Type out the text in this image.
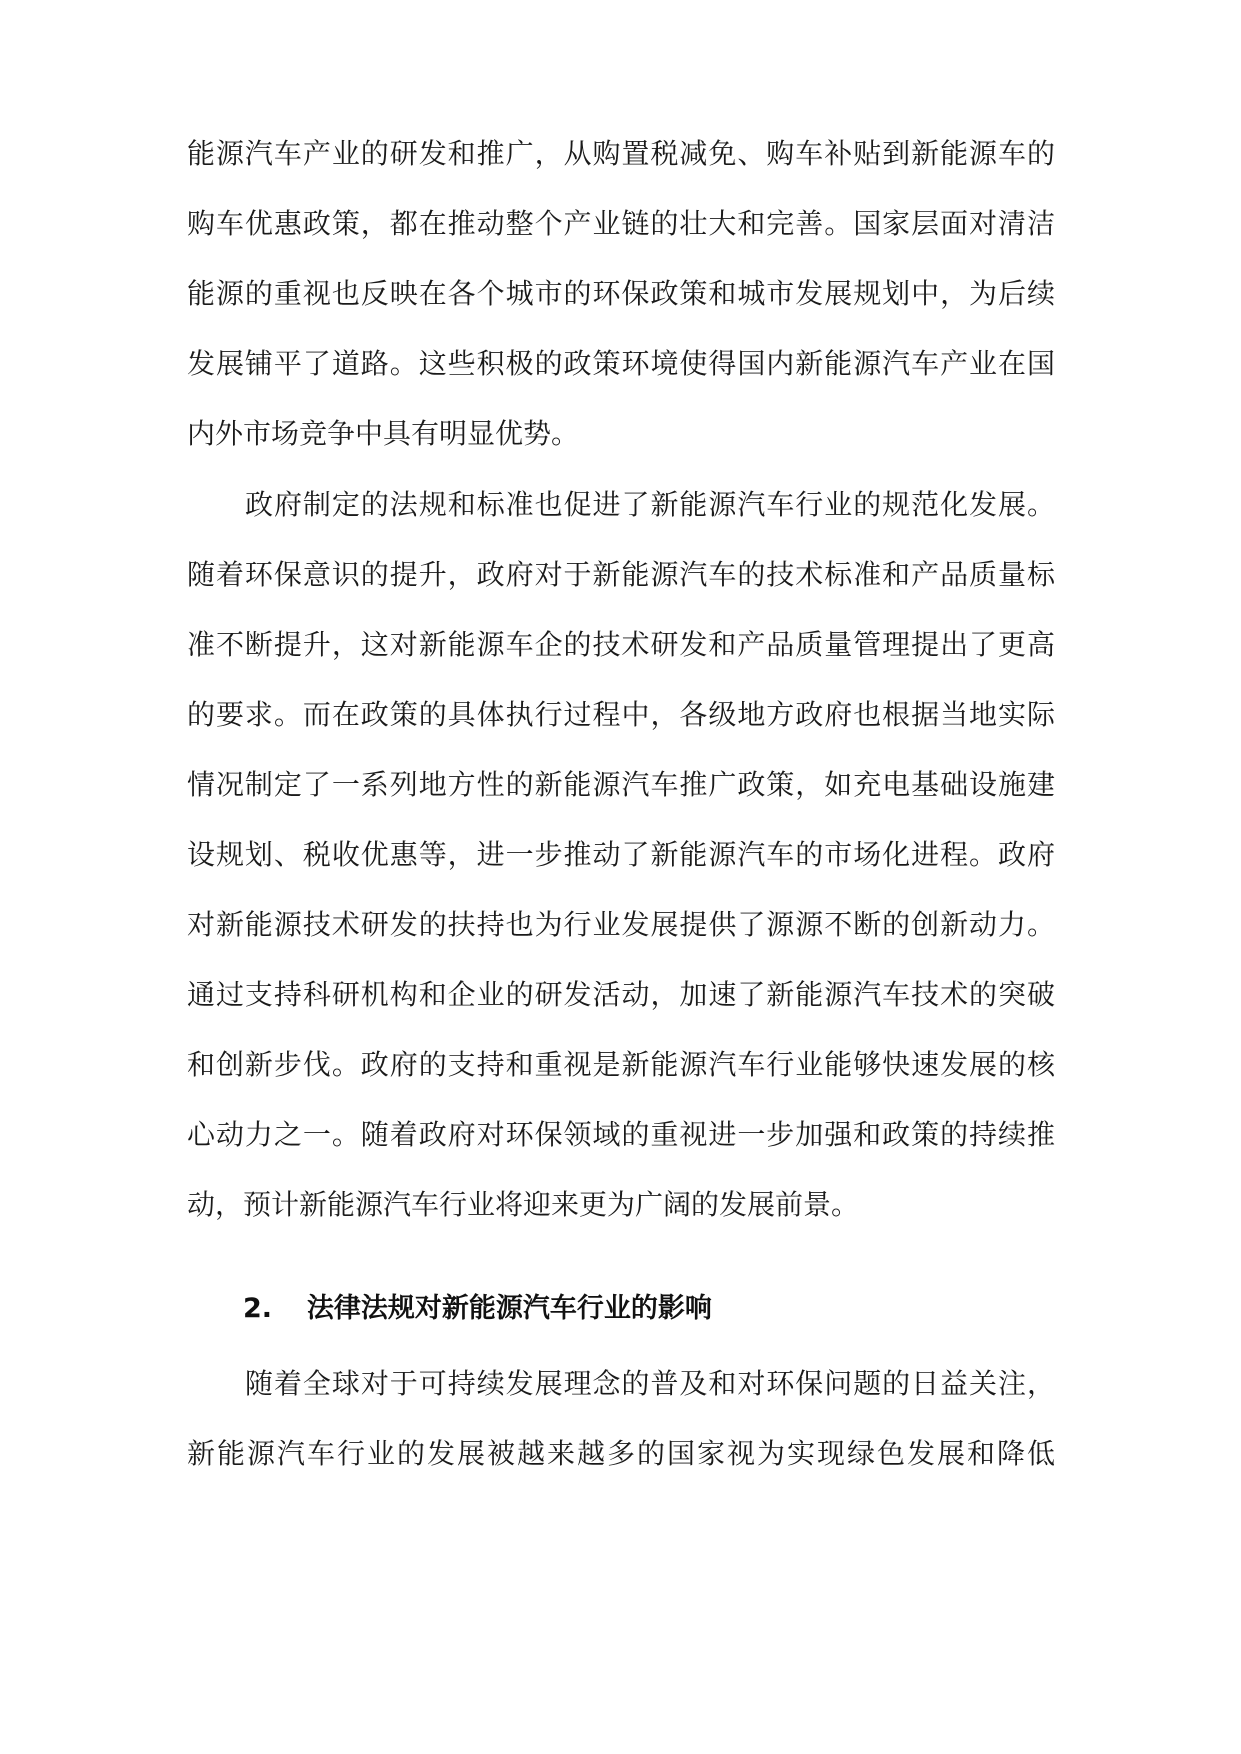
能源汽车产业的研发和推广，从购置税减免、购车补贴到新能源车的
购车优惠政策，都在推动整个产业链的壮大和完善。国家层面对清洁
能源的重视也反映在各个城市的环保政策和城市发展规划中，为后续
发展铺平了道路。这些积极的政策环境使得国内新能源汽车产业在国
内外市场竞争中具有明显优势。
政府制定的法规和标准也促进了新能源汽车行业的规范化发展。
随着环保意识的提升，政府对于新能源汽车的技术标准和产品质量标
准不断提升，这对新能源车企的技术研发和产品质量管理提出了更高
的要求。而在政策的具体执行过程中，各级地方政府也根据当地实际
情况制定了一系列地方性的新能源汽车推广政策，如充电基础设施建
设规划、税收优惠等，进一步推动了新能源汽车的市场化进程。政府
对新能源技术研发的扶持也为行业发展提供了源源不断的创新动力。
通过支持科研机构和企业的研发活动，加速了新能源汽车技术的突破
和创新步伐。政府的支持和重视是新能源汽车行业能够快速发展的核
心动力之一。随着政府对环保领域的重视进一步加强和政策的持续推
动，预计新能源汽车行业将迎来更为广阔的发展前景。
2. 法律法规对新能源汽车行业的影响
随着全球对于可持续发展理念的普及和对环保问题的日益关注，
新能源汽车行业的发展被越来越多的国家视为实现绿色发展和降低
